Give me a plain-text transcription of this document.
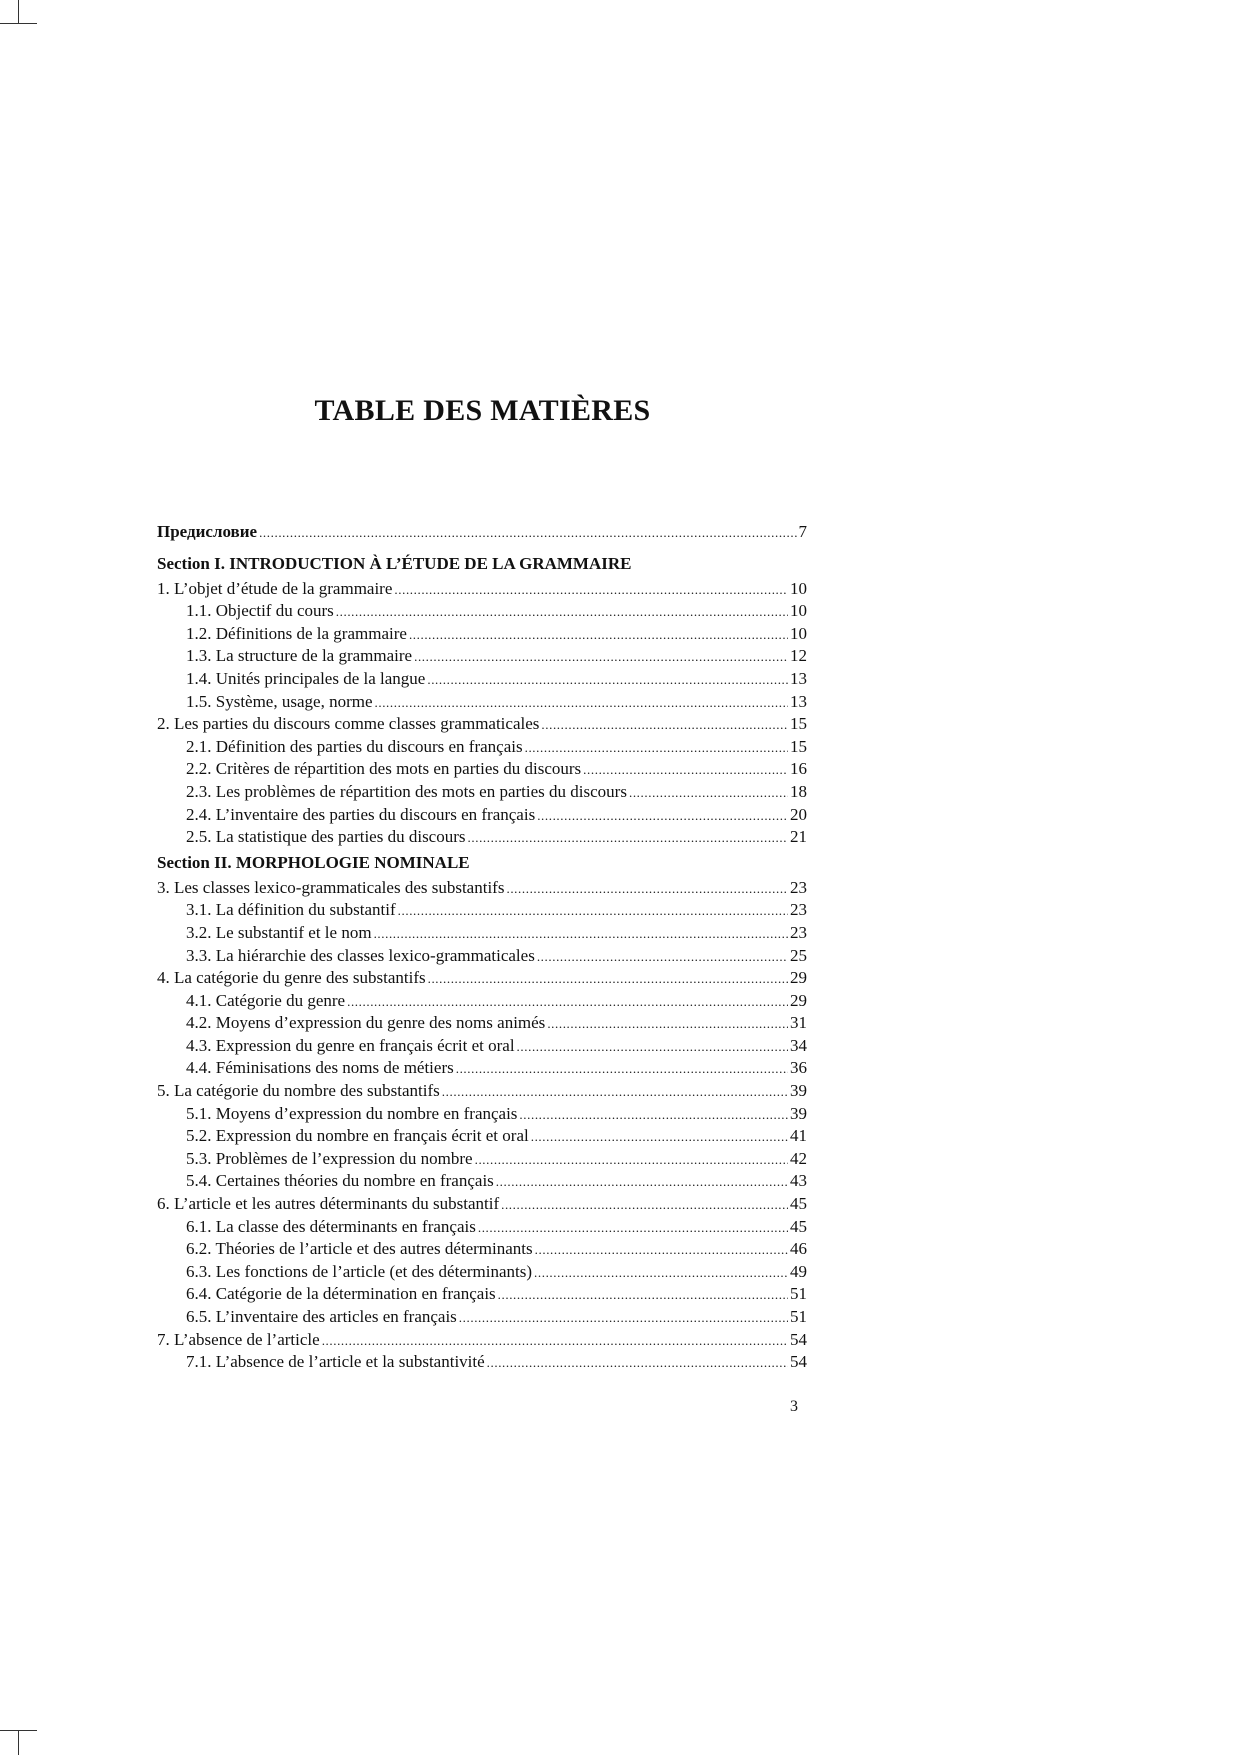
TABLE DES MATIÈRES
Предисловие .....	7
Section I. INTRODUCTION À L’ÉTUDE DE LA GRAMMAIRE
1. L’objet d’étude de la grammaire .....	10
1.1. Objectif du cours .....	10
1.2. Définitions de la grammaire .....	10
1.3. La structure de la grammaire .....	12
1.4. Unités principales de la langue .....	13
1.5. Système, usage, norme .....	13
2. Les parties du discours comme classes grammaticales .....	15
2.1. Définition des parties du discours en français .....	15
2.2. Critères de répartition des mots en parties du discours .....	16
2.3. Les problèmes de répartition des mots en parties du discours .....	18
2.4. L’inventaire des parties du discours en français .....	20
2.5. La statistique des parties du discours .....	21
Section II. MORPHOLOGIE NOMINALE
3. Les classes lexico-grammaticales des substantifs .....	23
3.1. La définition du substantif .....	23
3.2. Le substantif et le nom .....	23
3.3. La hiérarchie des classes lexico-grammaticales .....	25
4. La catégorie du genre des substantifs .....	29
4.1. Catégorie du genre .....	29
4.2. Moyens d’expression du genre des noms animés .....	31
4.3. Expression du genre en français écrit et oral .....	34
4.4. Féminisations des noms de métiers .....	36
5. La catégorie du nombre des substantifs .....	39
5.1. Moyens d’expression du nombre en français .....	39
5.2. Expression du nombre en français écrit et oral .....	41
5.3. Problèmes de l’expression du nombre .....	42
5.4. Certaines théories du nombre en français .....	43
6. L’article et les autres déterminants du substantif .....	45
6.1. La classe des déterminants en français .....	45
6.2. Théories de l’article et des autres déterminants .....	46
6.3. Les fonctions de l’article (et des déterminants) .....	49
6.4. Catégorie de la détermination en français .....	51
6.5. L’inventaire des articles en français .....	51
7. L’absence de l’article .....	54
7.1. L’absence de l’article et la substantivité .....	54
3
